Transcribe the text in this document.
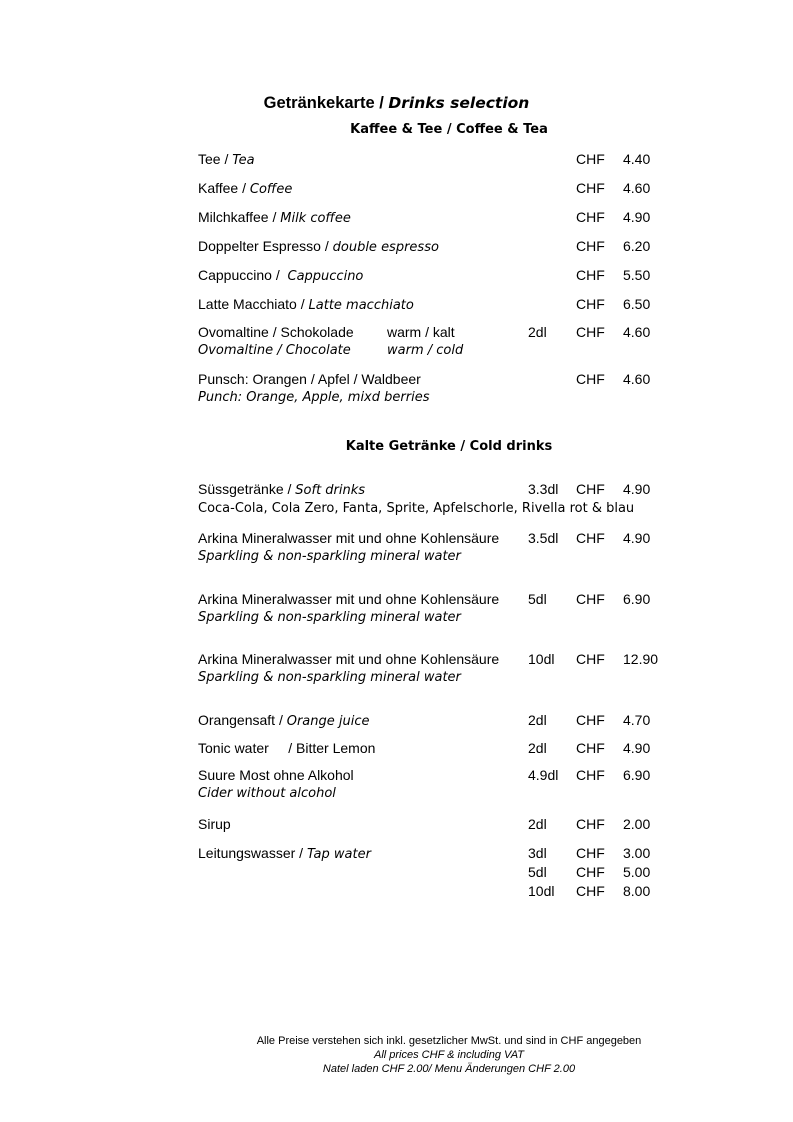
Getränkekarte / Drinks selection
Kaffee & Tee / Coffee & Tea
Tee / Tea	CHF 4.40
Kaffee / Coffee	CHF 4.60
Milchkaffee / Milk coffee	CHF 4.90
Doppelter Espresso / double espresso	CHF 6.20
Cappuccino /  Cappuccino	CHF 5.50
Latte Macchiato / Latte macchiato	CHF 6.50
Ovomaltine / Schokolade warm / kalt	2dl CHF 4.60
Ovomaltine / Chocolate	warm / cold
Punsch: Orangen / Apfel / Waldbeer	CHF 4.60
Punch: Orange, Apple, mixd berries
Kalte Getränke / Cold drinks
Süssgetränke / Soft drinks	3.3dl CHF 4.90
Coca-Cola, Cola Zero, Fanta, Sprite, Apfelschorle, Rivella rot & blau
Arkina Mineralwasser mit und ohne Kohlensäure 3.5dl CHF 4.90
Sparkling & non-sparkling mineral water
Arkina Mineralwasser mit und ohne Kohlensäure 5dl CHF 6.90
Sparkling & non-sparkling mineral water
Arkina Mineralwasser mit und ohne Kohlensäure 10dl CHF 12.90
Sparkling & non-sparkling mineral water
Orangensaft / Orange juice	2dl CHF 4.70
Tonic water     / Bitter Lemon	2dl CHF 4.90
Suure Most ohne Alkohol	4.9dl CHF 6.90
Cider without alcohol
Sirup	2dl CHF 2.00
Leitungswasser / Tap water	3dl CHF 3.00
5dl CHF 5.00
10dl CHF 8.00
Alle Preise verstehen sich inkl. gesetzlicher MwSt. und sind in CHF angegeben
All prices CHF & including VAT
Natel laden CHF 2.00/ Menu Änderungen CHF 2.00
